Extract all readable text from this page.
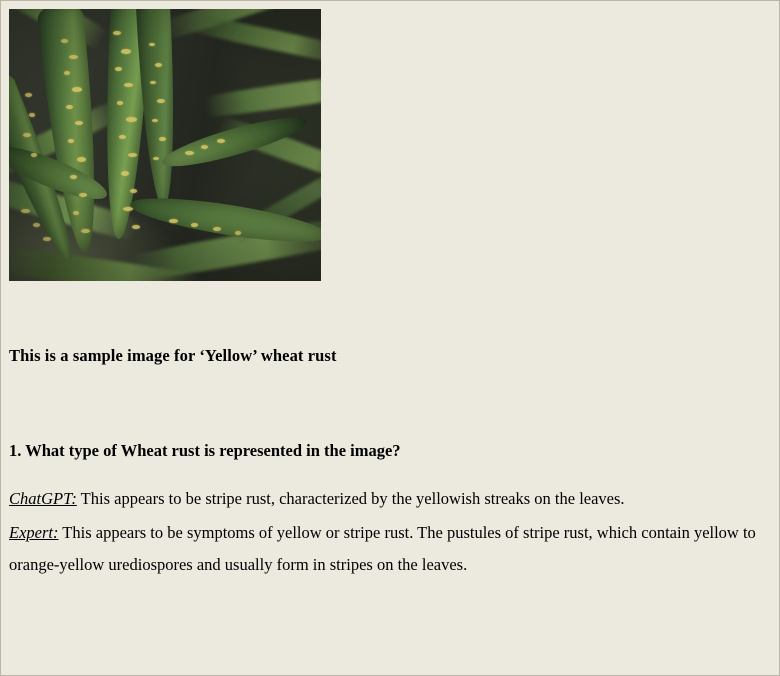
This is a sample image for ‘Yellow’ wheat rust
1. What type of Wheat rust is represented in the image?

ChatGPT: This appears to be stripe rust, characterized by the yellowish streaks on the leaves.

Expert: This appears to be symptoms of yellow or stripe rust. The pustules of stripe rust, which contain yellow to orange-yellow urediospores and usually form in stripes on the leaves.
